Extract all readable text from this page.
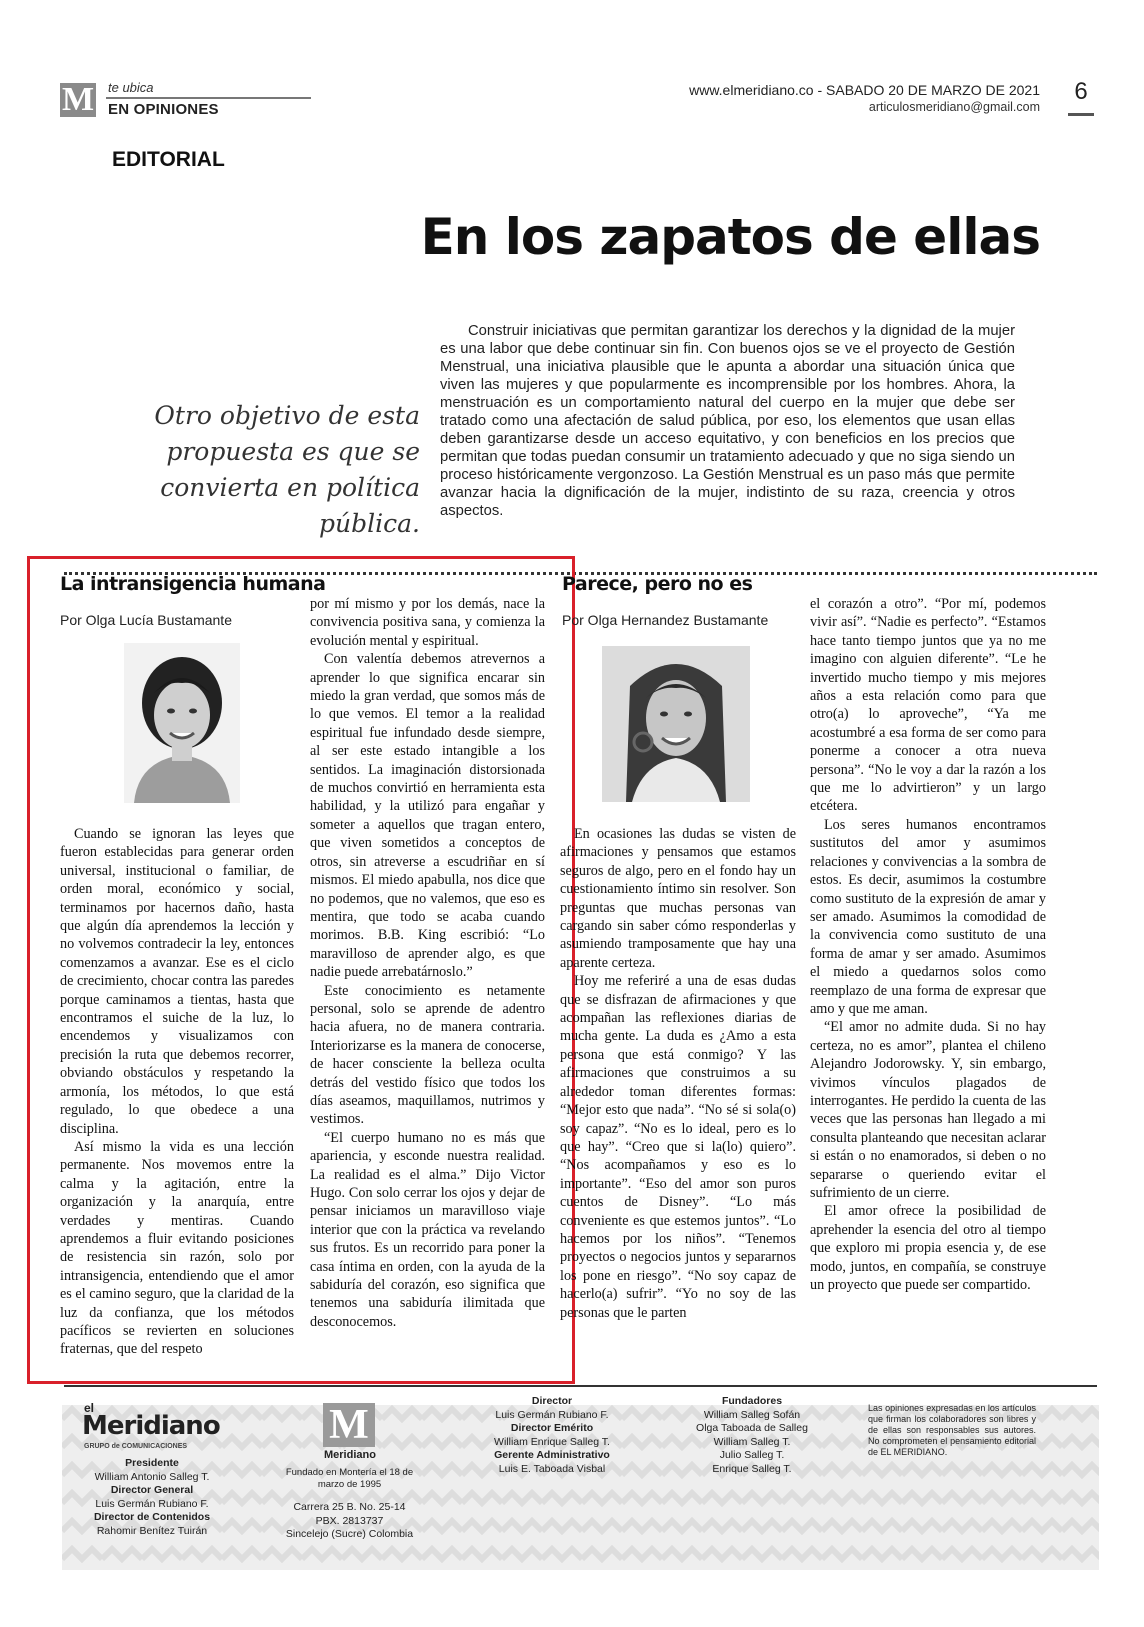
M te ubica
EN OPINIONES
www.elmeridiano.co - SABADO 20 DE MARZO DE 2021
articulosmeridiano@gmail.com
6
EDITORIAL
En los zapatos de ellas
Otro objetivo de esta propuesta es que se convierta en política pública.
Construir iniciativas que permitan garantizar los derechos y la dignidad de la mujer es una labor que debe continuar sin fin. Con buenos ojos se ve el proyecto de Gestión Menstrual, una iniciativa plausible que le apunta a abordar una situación única que viven las mujeres y que popularmente es incomprensible por los hombres. Ahora, la menstruación es un comportamiento natural del cuerpo en la mujer que debe ser tratado como una afectación de salud pública, por eso, los elementos que usan ellas deben garantizarse desde un acceso equitativo, y con beneficios en los precios que permitan que todas puedan consumir un tratamiento adecuado y que no siga siendo un proceso históricamente vergonzoso. La Gestión Menstrual es un paso más que permite avanzar hacia la dignificación de la mujer, indistinto de su raza, creencia y otros aspectos.
La intransigencia humana
Por Olga Lucía Bustamante

Cuando se ignoran las leyes que fueron establecidas para generar orden universal, institucional o familiar, de orden moral, económico y social, terminamos por hacernos daño, hasta que algún día aprendemos la lección y no volvemos contradecir la ley, entonces comenzamos a avanzar. Ese es el ciclo de crecimiento, chocar contra las paredes porque caminamos a tientas, hasta que encontramos el suiche de la luz, lo encendemos y visualizamos con precisión la ruta que debemos recorrer, obviando obstáculos y respetando la armonía, los métodos, lo que está regulado, lo que obedece a una disciplina.

Así mismo la vida es una lección permanente. Nos movemos entre la calma y la agitación, entre la organización y la anarquía, entre verdades y mentiras. Cuando aprendemos a fluir evitando posiciones de resistencia sin razón, solo por intransigencia, entendiendo que el amor es el camino seguro, que la claridad de la luz da confianza, que los métodos pacíficos se revierten en soluciones fraternas, que del respeto

por mí mismo y por los demás, nace la convivencia positiva sana, y comienza la evolución mental y espiritual.

Con valentía debemos atrevernos a aprender lo que significa encarar sin miedo la gran verdad, que somos más de lo que vemos. El temor a la realidad espiritual fue infundado desde siempre, al ser este estado intangible a los sentidos. La imaginación distorsionada de muchos convirtió en herramienta esta habilidad, y la utilizó para engañar y someter a aquellos que tragan entero, que viven sometidos a conceptos de otros, sin atreverse a escudriñar en sí mismos. El miedo apabulla, nos dice que no podemos, que no valemos, que eso es mentira, que todo se acaba cuando morimos. B.B. King escribió: “Lo maravilloso de aprender algo, es que nadie puede arrebatárnoslo.”

Este conocimiento es netamente personal, solo se aprende de adentro hacia afuera, no de manera contraria. Interiorizarse es la manera de conocerse, de hacer consciente la belleza oculta detrás del vestido físico que todos los días aseamos, maquillamos, nutrimos y vestimos.

“El cuerpo humano no es más que apariencia, y esconde nuestra realidad. La realidad es el alma.” Dijo Victor Hugo. Con solo cerrar los ojos y dejar de pensar iniciamos un maravilloso viaje interior que con la práctica va revelando sus frutos. Es un recorrido para poner la casa íntima en orden, con la ayuda de la sabiduría del corazón, eso significa que tenemos una sabiduría ilimitada que desconocemos.

Parece, pero no es
Por Olga Hernandez Bustamante

En ocasiones las dudas se visten de afirmaciones y pensamos que estamos seguros de algo, pero en el fondo hay un cuestionamiento íntimo sin resolver. Son preguntas que muchas personas van cargando sin saber cómo responderlas y asumiendo tramposamente que hay una aparente certeza.

Hoy me referiré a una de esas dudas que se disfrazan de afirmaciones y que acompañan las reflexiones diarias de mucha gente. La duda es ¿Amo a esta persona que está conmigo? Y las afirmaciones que construimos a su alrededor toman diferentes formas: “Mejor esto que nada”. “No sé si sola(o) soy capaz”. “No es lo ideal, pero es lo que hay”. “Creo que si la(lo) quiero”. “Nos acompañamos y eso es lo importante”. “Eso del amor son puros cuentos de Disney”. “Lo más conveniente es que estemos juntos”. “Lo hacemos por los niños”. “Tenemos proyectos o negocios juntos y separarnos los pone en riesgo”. “No soy capaz de hacerlo(a) sufrir”. “Yo no soy de las personas que le parten

el corazón a otro”. “Por mí, podemos vivir así”. “Nadie es perfecto”. “Estamos hace tanto tiempo juntos que ya no me imagino con alguien diferente”. “Le he invertido mucho tiempo y mis mejores años a esta relación como para que otro(a) lo aproveche”, “Ya me acostumbré a esa forma de ser como para ponerme a conocer a otra nueva persona”. “No le voy a dar la razón a los que me lo advirtieron” y un largo etcétera.

Los seres humanos encontramos sustitutos del amor y asumimos relaciones y convivencias a la sombra de estos. Es decir, asumimos la costumbre como sustituto de la expresión de amar y ser amado. Asumimos la comodidad de la convivencia como sustituto de una forma de amar y ser amado. Asumimos el miedo a quedarnos solos como reemplazo de una forma de expresar que amo y que me aman.

“El amor no admite duda. Si no hay certeza, no es amor”, plantea el chileno Alejandro Jodorowsky. Y, sin embargo, vivimos vínculos plagados de interrogantes. He perdido la cuenta de las veces que las personas han llegado a mi consulta planteando que necesitan aclarar si están o no enamorados, si deben o no separarse o queriendo evitar el sufrimiento de un cierre.

El amor ofrece la posibilidad de aprehender la esencia del otro al tiempo que exploro mi propia esencia y, de ese modo, juntos, en compañía, se construye un proyecto que puede ser compartido.

el
Meridiano
GRUPO de COMUNICACIONES
Presidente
William Antonio Salleg T.
Director General
Luis Germán Rubiano F.
Director de Contenidos
Rahomir Benítez Tuirán
M
Meridiano
Fundado en Montería el 18 de marzo de 1995
Carrera 25 B. No. 25-14
PBX. 2813737
Sincelejo (Sucre) Colombia
Director
Luis Germán Rubiano F.
Director Emérito
William Enrique Salleg T.
Gerente Administrativo
Luis E. Taboada Visbal
Fundadores
William Salleg Sofán
Olga Taboada de Salleg
William Salleg T.
Julio Salleg T.
Enrique Salleg T.
Las opiniones expresadas en los artículos que firman los colaboradores son libres y de ellas son responsables sus autores. No comprometen el pensamiento editorial de EL MERIDIANO.
